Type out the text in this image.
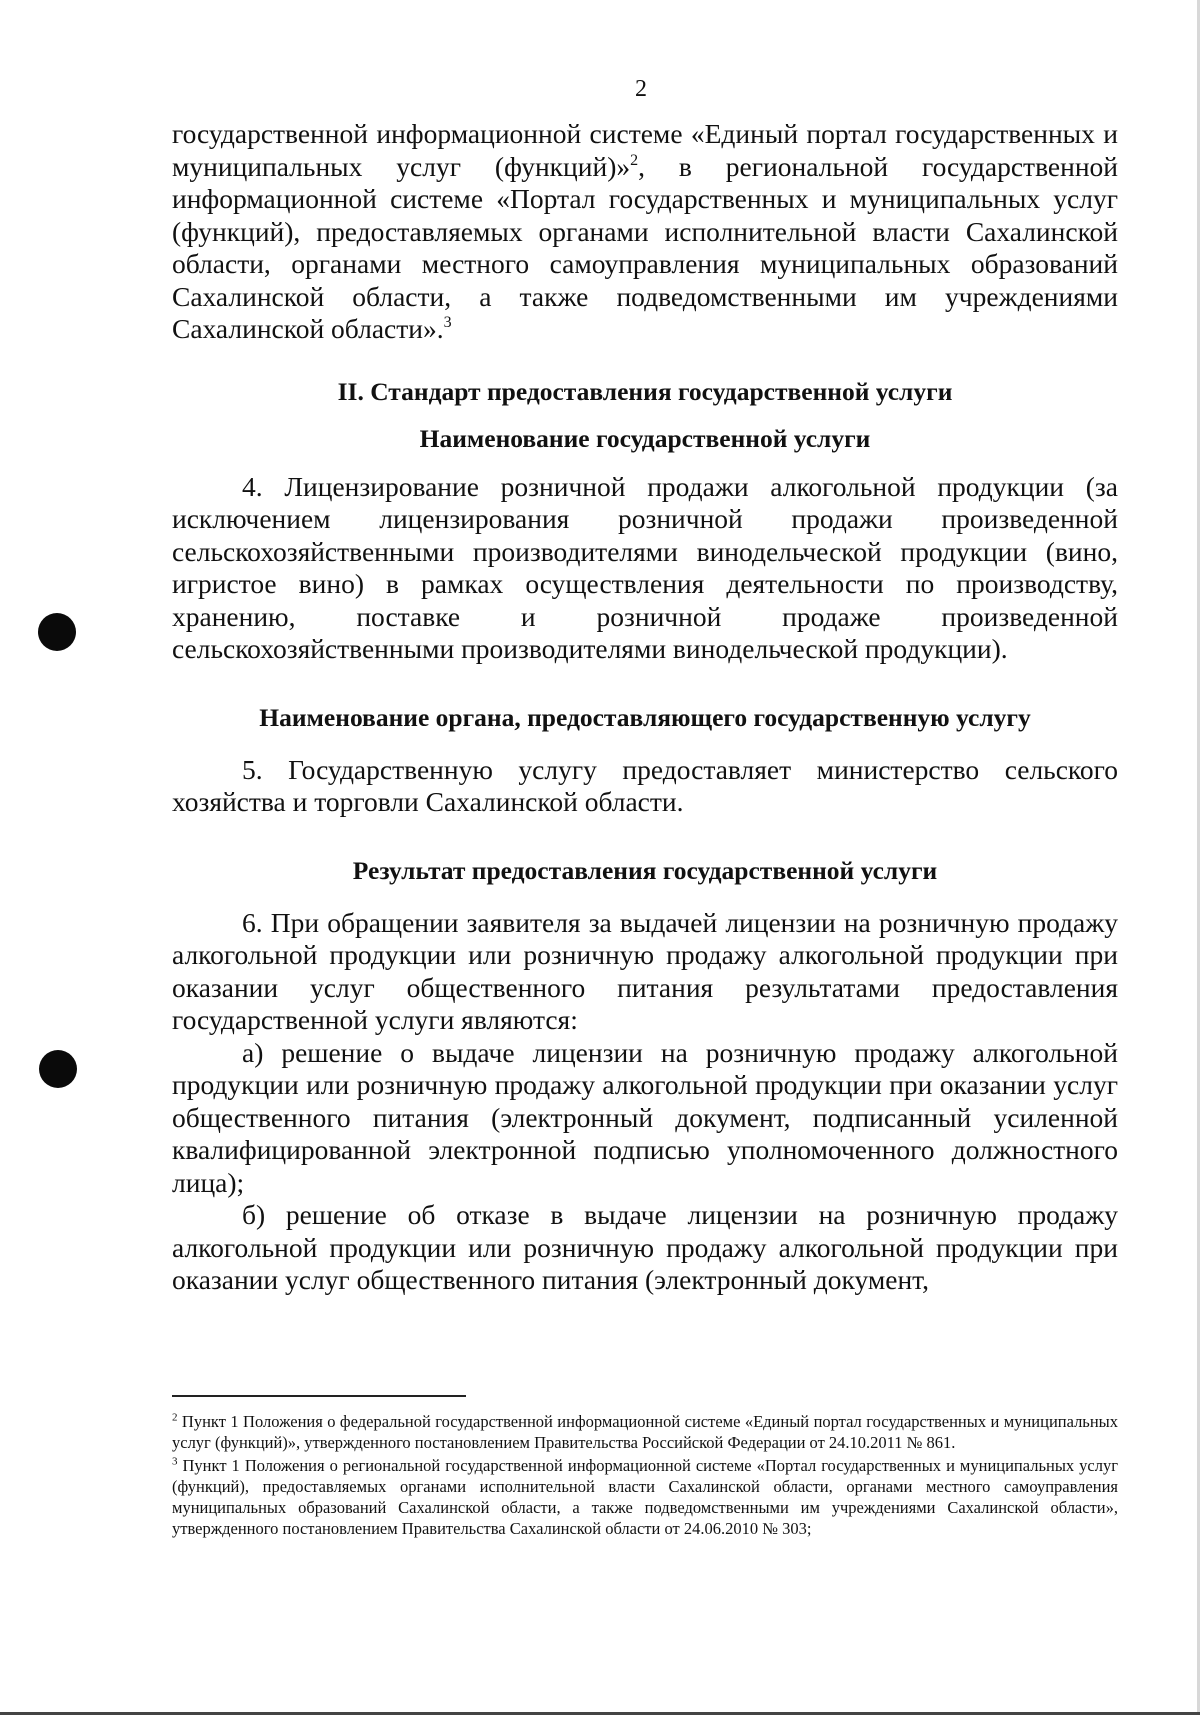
2

государственной информационной системе «Единый портал государственных и муниципальных услуг (функций)»$^2$, в региональной государственной информационной системе «Портал государственных и муниципальных услуг (функций), предоставляемых органами исполнительной власти Сахалинской области, органами местного самоуправления муниципальных образований Сахалинской области, а также подведомственными им учреждениями Сахалинской области».$^3$

II. Стандарт предоставления государственной услуги

Наименование государственной услуги

4. Лицензирование розничной продажи алкогольной продукции (за исключением лицензирования розничной продажи произведенной сельскохозяйственными производителями винодельческой продукции (вино, игристое вино) в рамках осуществления деятельности по производству, хранению, поставке и розничной продаже произведенной сельскохозяйственными производителями винодельческой продукции).

Наименование органа, предоставляющего государственную услугу

5. Государственную услугу предоставляет министерство сельского хозяйства и торговли Сахалинской области.

Результат предоставления государственной услуги

6. При обращении заявителя за выдачей лицензии на розничную продажу алкогольной продукции или розничную продажу алкогольной продукции при оказании услуг общественного питания результатами предоставления государственной услуги являются:

а) решение о выдаче лицензии на розничную продажу алкогольной продукции или розничную продажу алкогольной продукции при оказании услуг общественного питания (электронный документ, подписанный усиленной квалифицированной электронной подписью уполномоченного должностного лица);

б) решение об отказе в выдаче лицензии на розничную продажу алкогольной продукции или розничную продажу алкогольной продукции при оказании услуг общественного питания (электронный документ,

$^2$ Пункт 1 Положения о федеральной государственной информационной системе «Единый портал государственных и муниципальных услуг (функций)», утвержденного постановлением Правительства Российской Федерации от 24.10.2011 № 861.

$^3$ Пункт 1 Положения о региональной государственной информационной системе «Портал государственных и муниципальных услуг (функций), предоставляемых органами исполнительной власти Сахалинской области, органами местного самоуправления муниципальных образований Сахалинской области, а также подведомственными им учреждениями Сахалинской области», утвержденного постановлением Правительства Сахалинской области от 24.06.2010 № 303;
